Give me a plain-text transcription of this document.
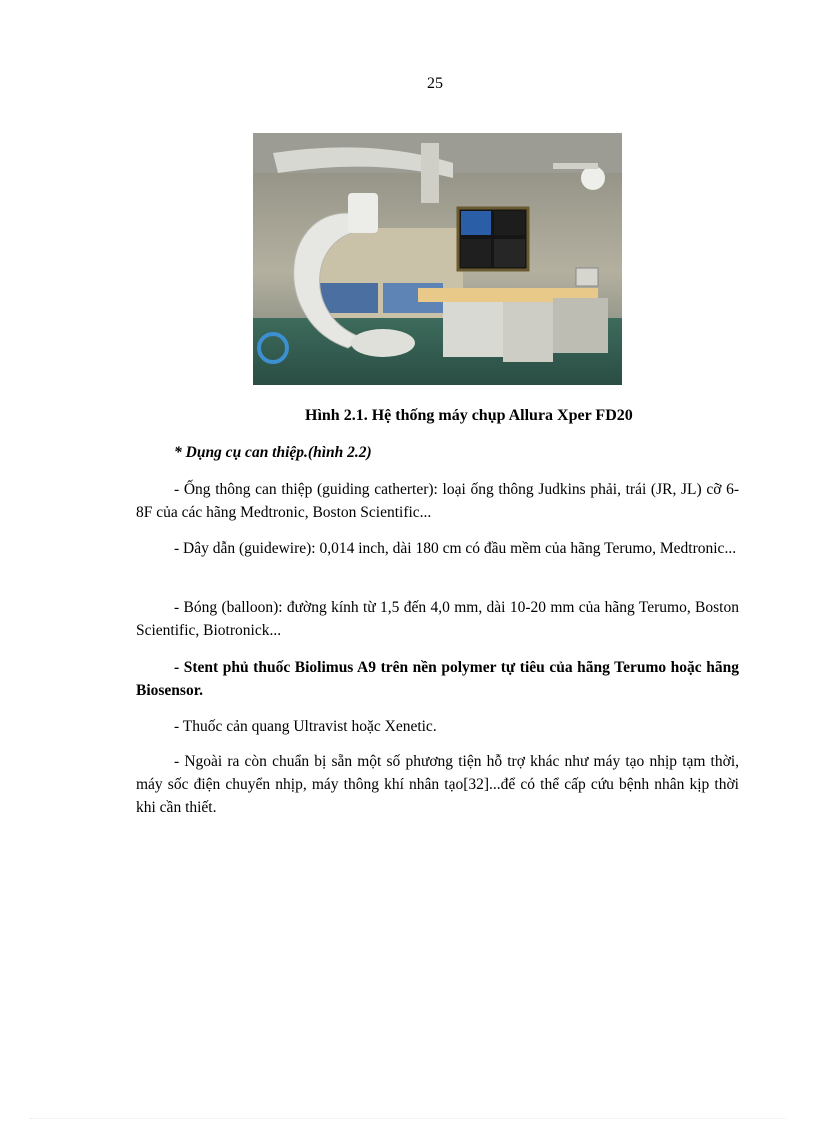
25
Hình 2.1. Hệ thống máy chụp Allura Xper FD20
* Dụng cụ can thiệp.(hình 2.2)
- Ống thông can thiệp (guiding catherter): loại ống thông Judkins phải, trái (JR, JL) cỡ 6-8F của các hãng Medtronic, Boston Scientific...
- Dây dẫn (guidewire): 0,014 inch, dài 180 cm có đầu mềm của hãng Terumo, Medtronic...
- Bóng (balloon): đường kính từ 1,5 đến 4,0 mm, dài 10-20 mm của hãng Terumo, Boston Scientific, Biotronick...
- Stent phủ thuốc Biolimus A9 trên nền polymer tự tiêu của hãng Terumo hoặc hãng Biosensor.
- Thuốc cản quang Ultravist hoặc Xenetic.
- Ngoài ra còn chuẩn bị sẵn một số phương tiện hỗ trợ khác như máy tạo nhịp tạm thời, máy sốc điện chuyển nhịp, máy thông khí nhân tạo[32]...để có thể cấp cứu bệnh nhân kịp thời khi cần thiết.
